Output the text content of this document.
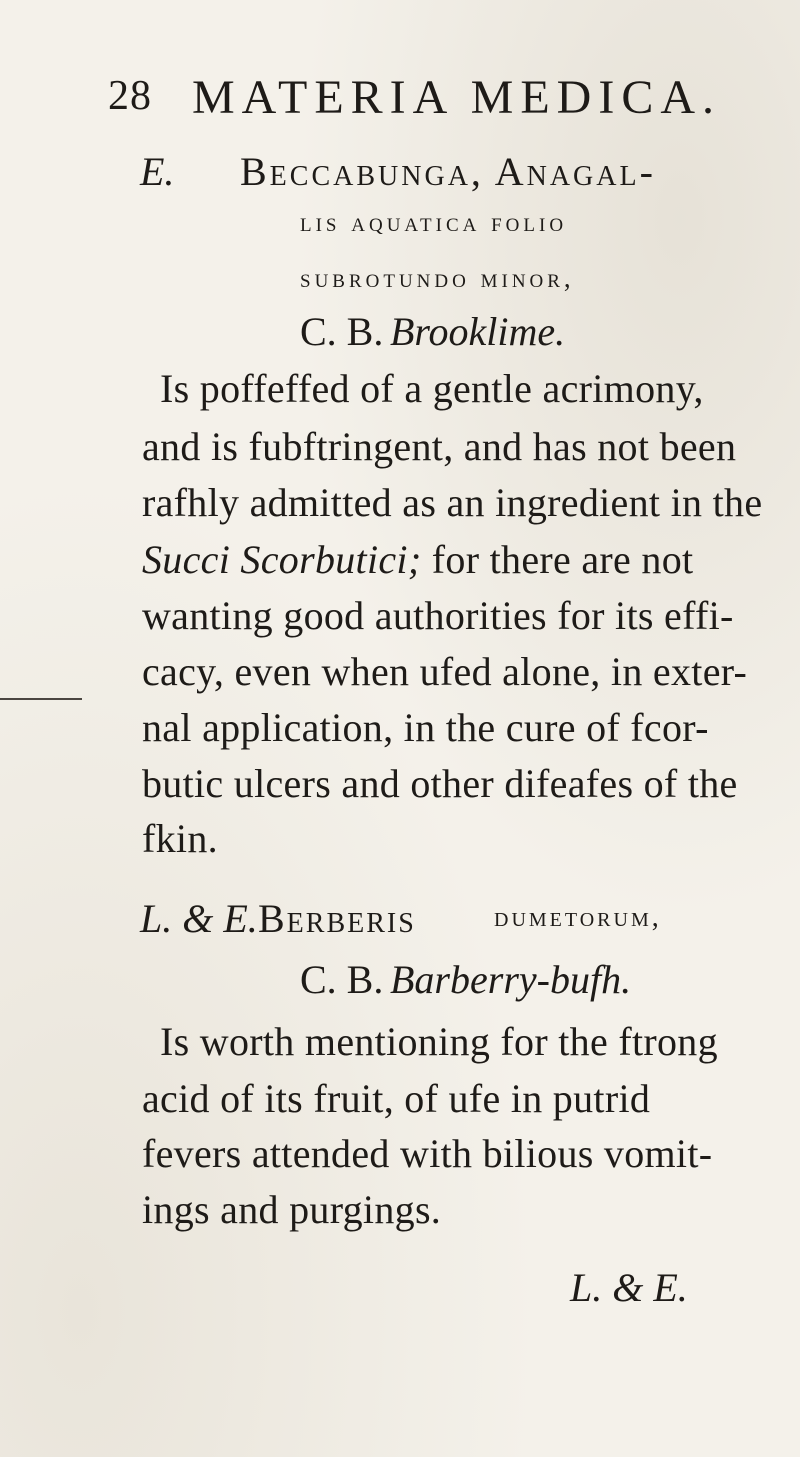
28 MATERIA MEDICA.
E. Beccabunga, Anagal-
lis aquatica folio
subrotundo minor,
C. B. Brooklime.
Is poffeffed of a gentle acrimony,
and is fubftringent, and has not been
rafhly admitted as an ingredient in the
Succi Scorbutici; for there are not
wanting good authorities for its effi-
cacy, even when ufed alone, in exter-
nal application, in the cure of fcor-
butic ulcers and other difeafes of the
fkin.
L. & E. Berberis	dumetorum,
C. B. Barberry-bufh.
Is worth mentioning for the ftrong
acid of its fruit, of ufe in putrid
fevers attended with bilious vomit-
ings and purgings.
L. & E.
